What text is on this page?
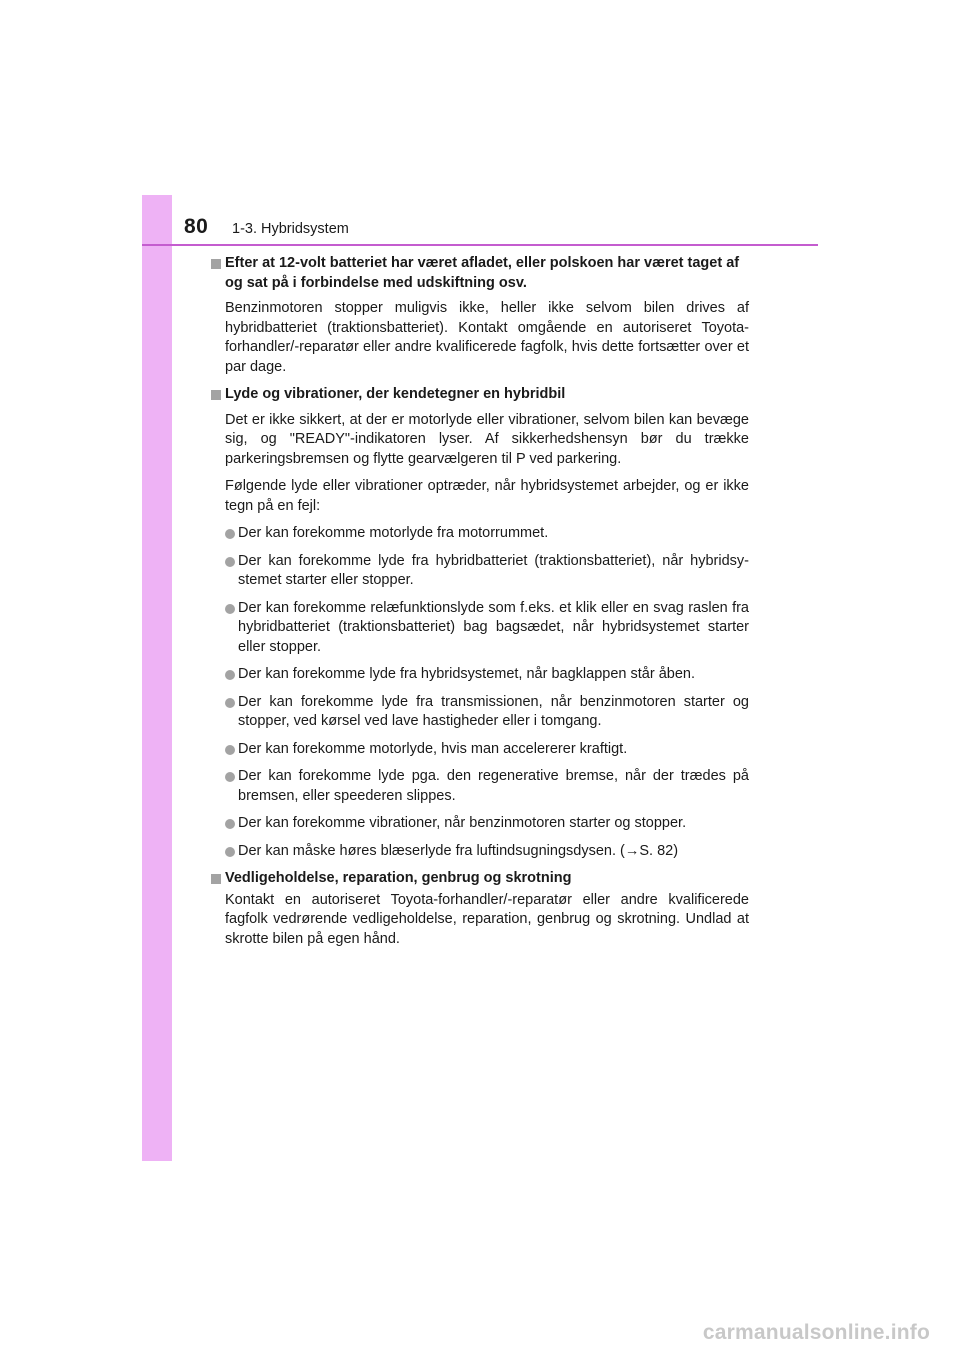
80 1-3. Hybridsystem
Efter at 12-volt batteriet har været afladet, eller polskoen har været taget af og sat på i forbindelse med udskiftning osv.

Benzinmotoren stopper muligvis ikke, heller ikke selvom bilen drives af hybridbatteriet (traktionsbatteriet). Kontakt omgående en autoriseret Toyota-forhandler/-reparatør eller andre kvalificerede fagfolk, hvis dette fortsætter over et par dage.

Lyde og vibrationer, der kendetegner en hybridbil

Det er ikke sikkert, at der er motorlyde eller vibrationer, selvom bilen kan bevæge sig, og "READY"-indikatoren lyser. Af sikkerhedshensyn bør du trække parkeringsbremsen og flytte gearvælgeren til P ved parkering.

Følgende lyde eller vibrationer optræder, når hybridsystemet arbejder, og er ikke tegn på en fejl:

Der kan forekomme motorlyde fra motorrummet.
Der kan forekomme lyde fra hybridbatteriet (traktionsbatteriet), når hybridsy-stemet starter eller stopper.
Der kan forekomme relæfunktionslyde som f.eks. et klik eller en svag raslen fra hybridbatteriet (traktionsbatteriet) bag bagsædet, når hybridsystemet starter eller stopper.
Der kan forekomme lyde fra hybridsystemet, når bagklappen står åben.
Der kan forekomme lyde fra transmissionen, når benzinmotoren starter og stopper, ved kørsel ved lave hastigheder eller i tomgang.
Der kan forekomme motorlyde, hvis man accelererer kraftigt.
Der kan forekomme lyde pga. den regenerative bremse, når der trædes på bremsen, eller speederen slippes.
Der kan forekomme vibrationer, når benzinmotoren starter og stopper.
Der kan måske høres blæserlyde fra luftindsugningsdysen. (→S. 82)
Vedligeholdelse, reparation, genbrug og skrotning

Kontakt en autoriseret Toyota-forhandler/-reparatør eller andre kvalificerede fagfolk vedrørende vedligeholdelse, reparation, genbrug og skrotning. Undlad at skrotte bilen på egen hånd.

carmanualsonline.info
